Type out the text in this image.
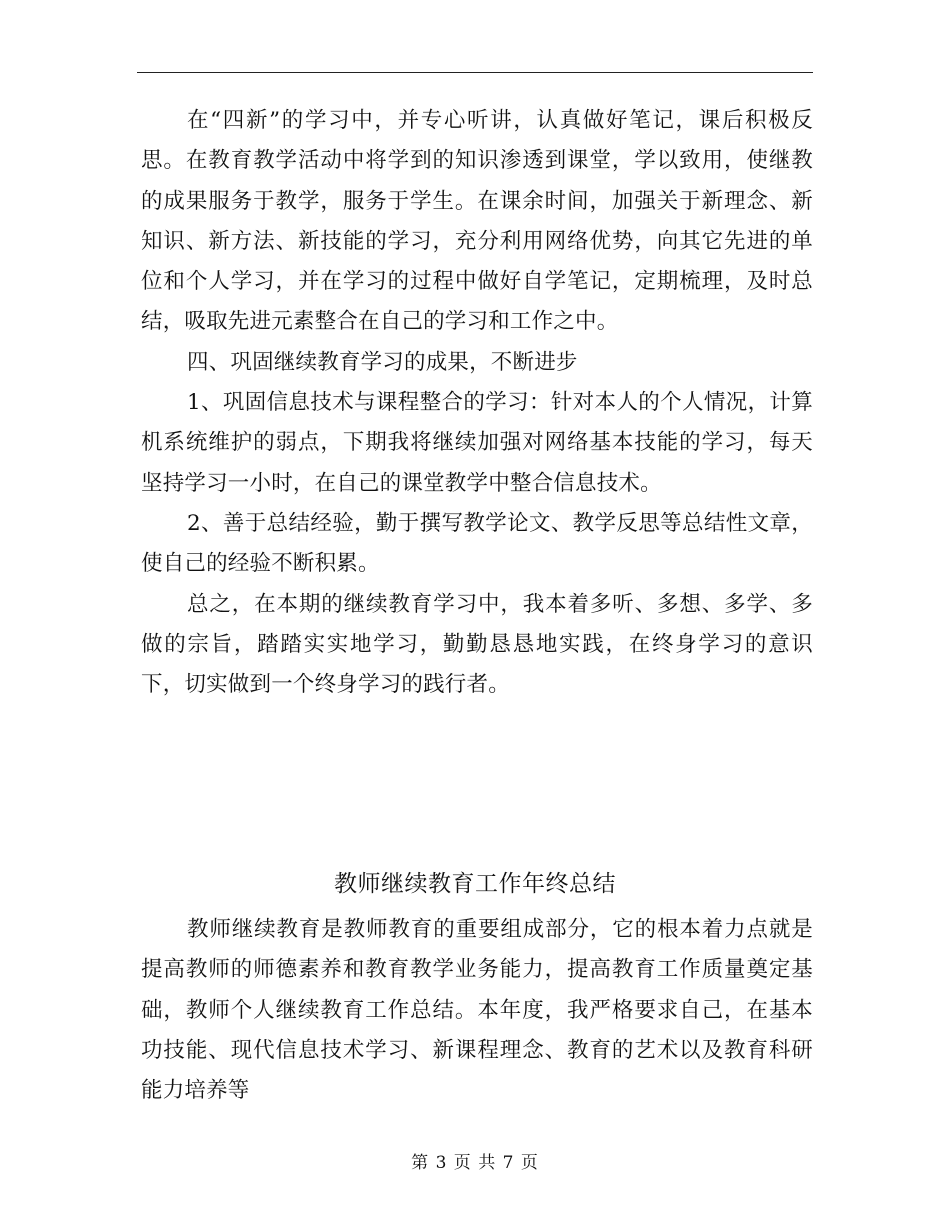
在“四新”的学习中，并专心听讲，认真做好笔记，课后积极反思。在教育教学活动中将学到的知识渗透到课堂，学以致用，使继教的成果服务于教学，服务于学生。在课余时间，加强关于新理念、新知识、新方法、新技能的学习，充分利用网络优势，向其它先进的单位和个人学习，并在学习的过程中做好自学笔记，定期梳理，及时总结，吸取先进元素整合在自己的学习和工作之中。

四、巩固继续教育学习的成果，不断进步

1、巩固信息技术与课程整合的学习：针对本人的个人情况，计算机系统维护的弱点，下期我将继续加强对网络基本技能的学习，每天坚持学习一小时，在自己的课堂教学中整合信息技术。

2、善于总结经验，勤于撰写教学论文、教学反思等总结性文章，使自己的经验不断积累。

总之，在本期的继续教育学习中，我本着多听、多想、多学、多做的宗旨，踏踏实实地学习，勤勤恳恳地实践，在终身学习的意识下，切实做到一个终身学习的践行者。

教师继续教育工作年终总结

教师继续教育是教师教育的重要组成部分，它的根本着力点就是提高教师的师德素养和教育教学业务能力，提高教育工作质量奠定基础，教师个人继续教育工作总结。本年度，我严格要求自己，在基本功技能、现代信息技术学习、新课程理念、教育的艺术以及教育科研能力培养等

第 3 页 共 7 页
